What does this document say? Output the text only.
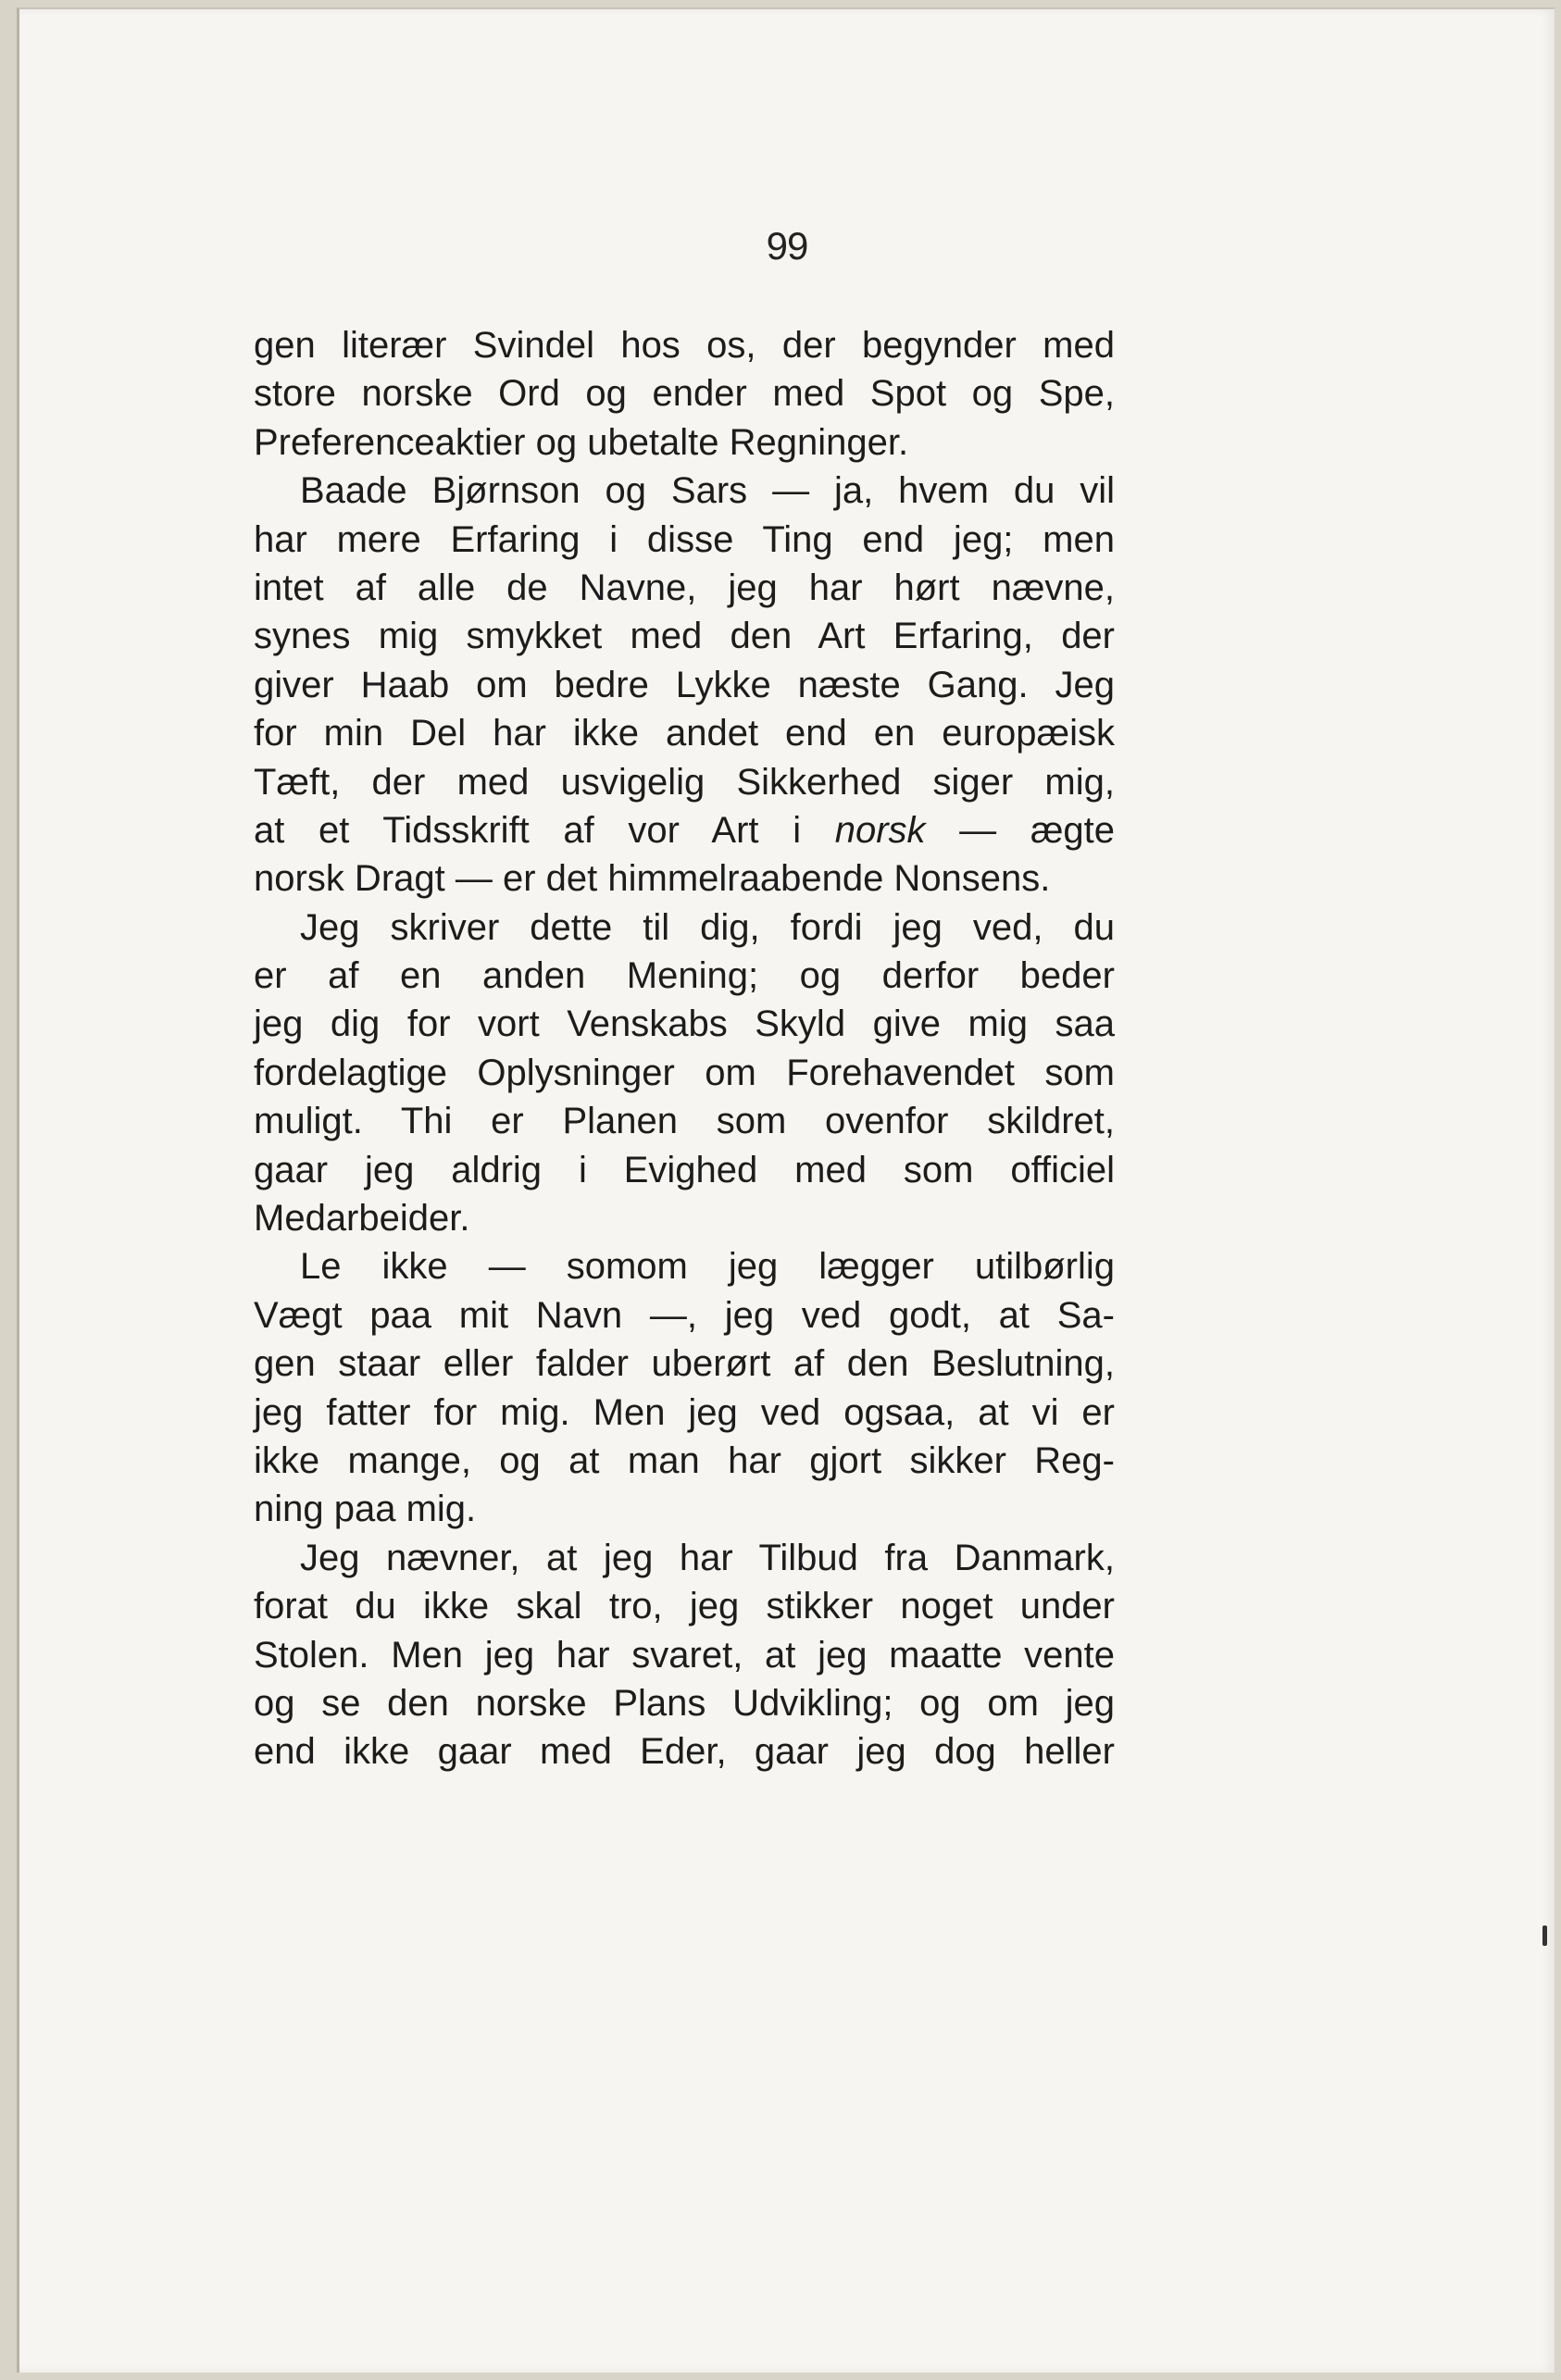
99
gen literær Svindel hos os, der begynder med
store norske Ord og ender med Spot og Spe,
Preferenceaktier og ubetalte Regninger.
Baade Bjørnson og Sars — ja, hvem du vil
har mere Erfaring i disse Ting end jeg; men
intet af alle de Navne, jeg har hørt nævne,
synes mig smykket med den Art Erfaring, der
giver Haab om bedre Lykke næste Gang. Jeg
for min Del har ikke andet end en europæisk
Tæft, der med usvigelig Sikkerhed siger mig,
at et Tidsskrift af vor Art i norsk — ægte
norsk Dragt — er det himmelraabende Nonsens.
Jeg skriver dette til dig, fordi jeg ved, du
er af en anden Mening; og derfor beder
jeg dig for vort Venskabs Skyld give mig saa
fordelagtige Oplysninger om Forehavendet som
muligt. Thi er Planen som ovenfor skildret,
gaar jeg aldrig i Evighed med som officiel
Medarbeider.
Le ikke — somom jeg lægger utilbørlig
Vægt paa mit Navn —, jeg ved godt, at Sa-
gen staar eller falder uberørt af den Beslutning,
jeg fatter for mig. Men jeg ved ogsaa, at vi er
ikke mange, og at man har gjort sikker Reg-
ning paa mig.
Jeg nævner, at jeg har Tilbud fra Danmark,
forat du ikke skal tro, jeg stikker noget under
Stolen. Men jeg har svaret, at jeg maatte vente
og se den norske Plans Udvikling; og om jeg
end ikke gaar med Eder, gaar jeg dog heller
